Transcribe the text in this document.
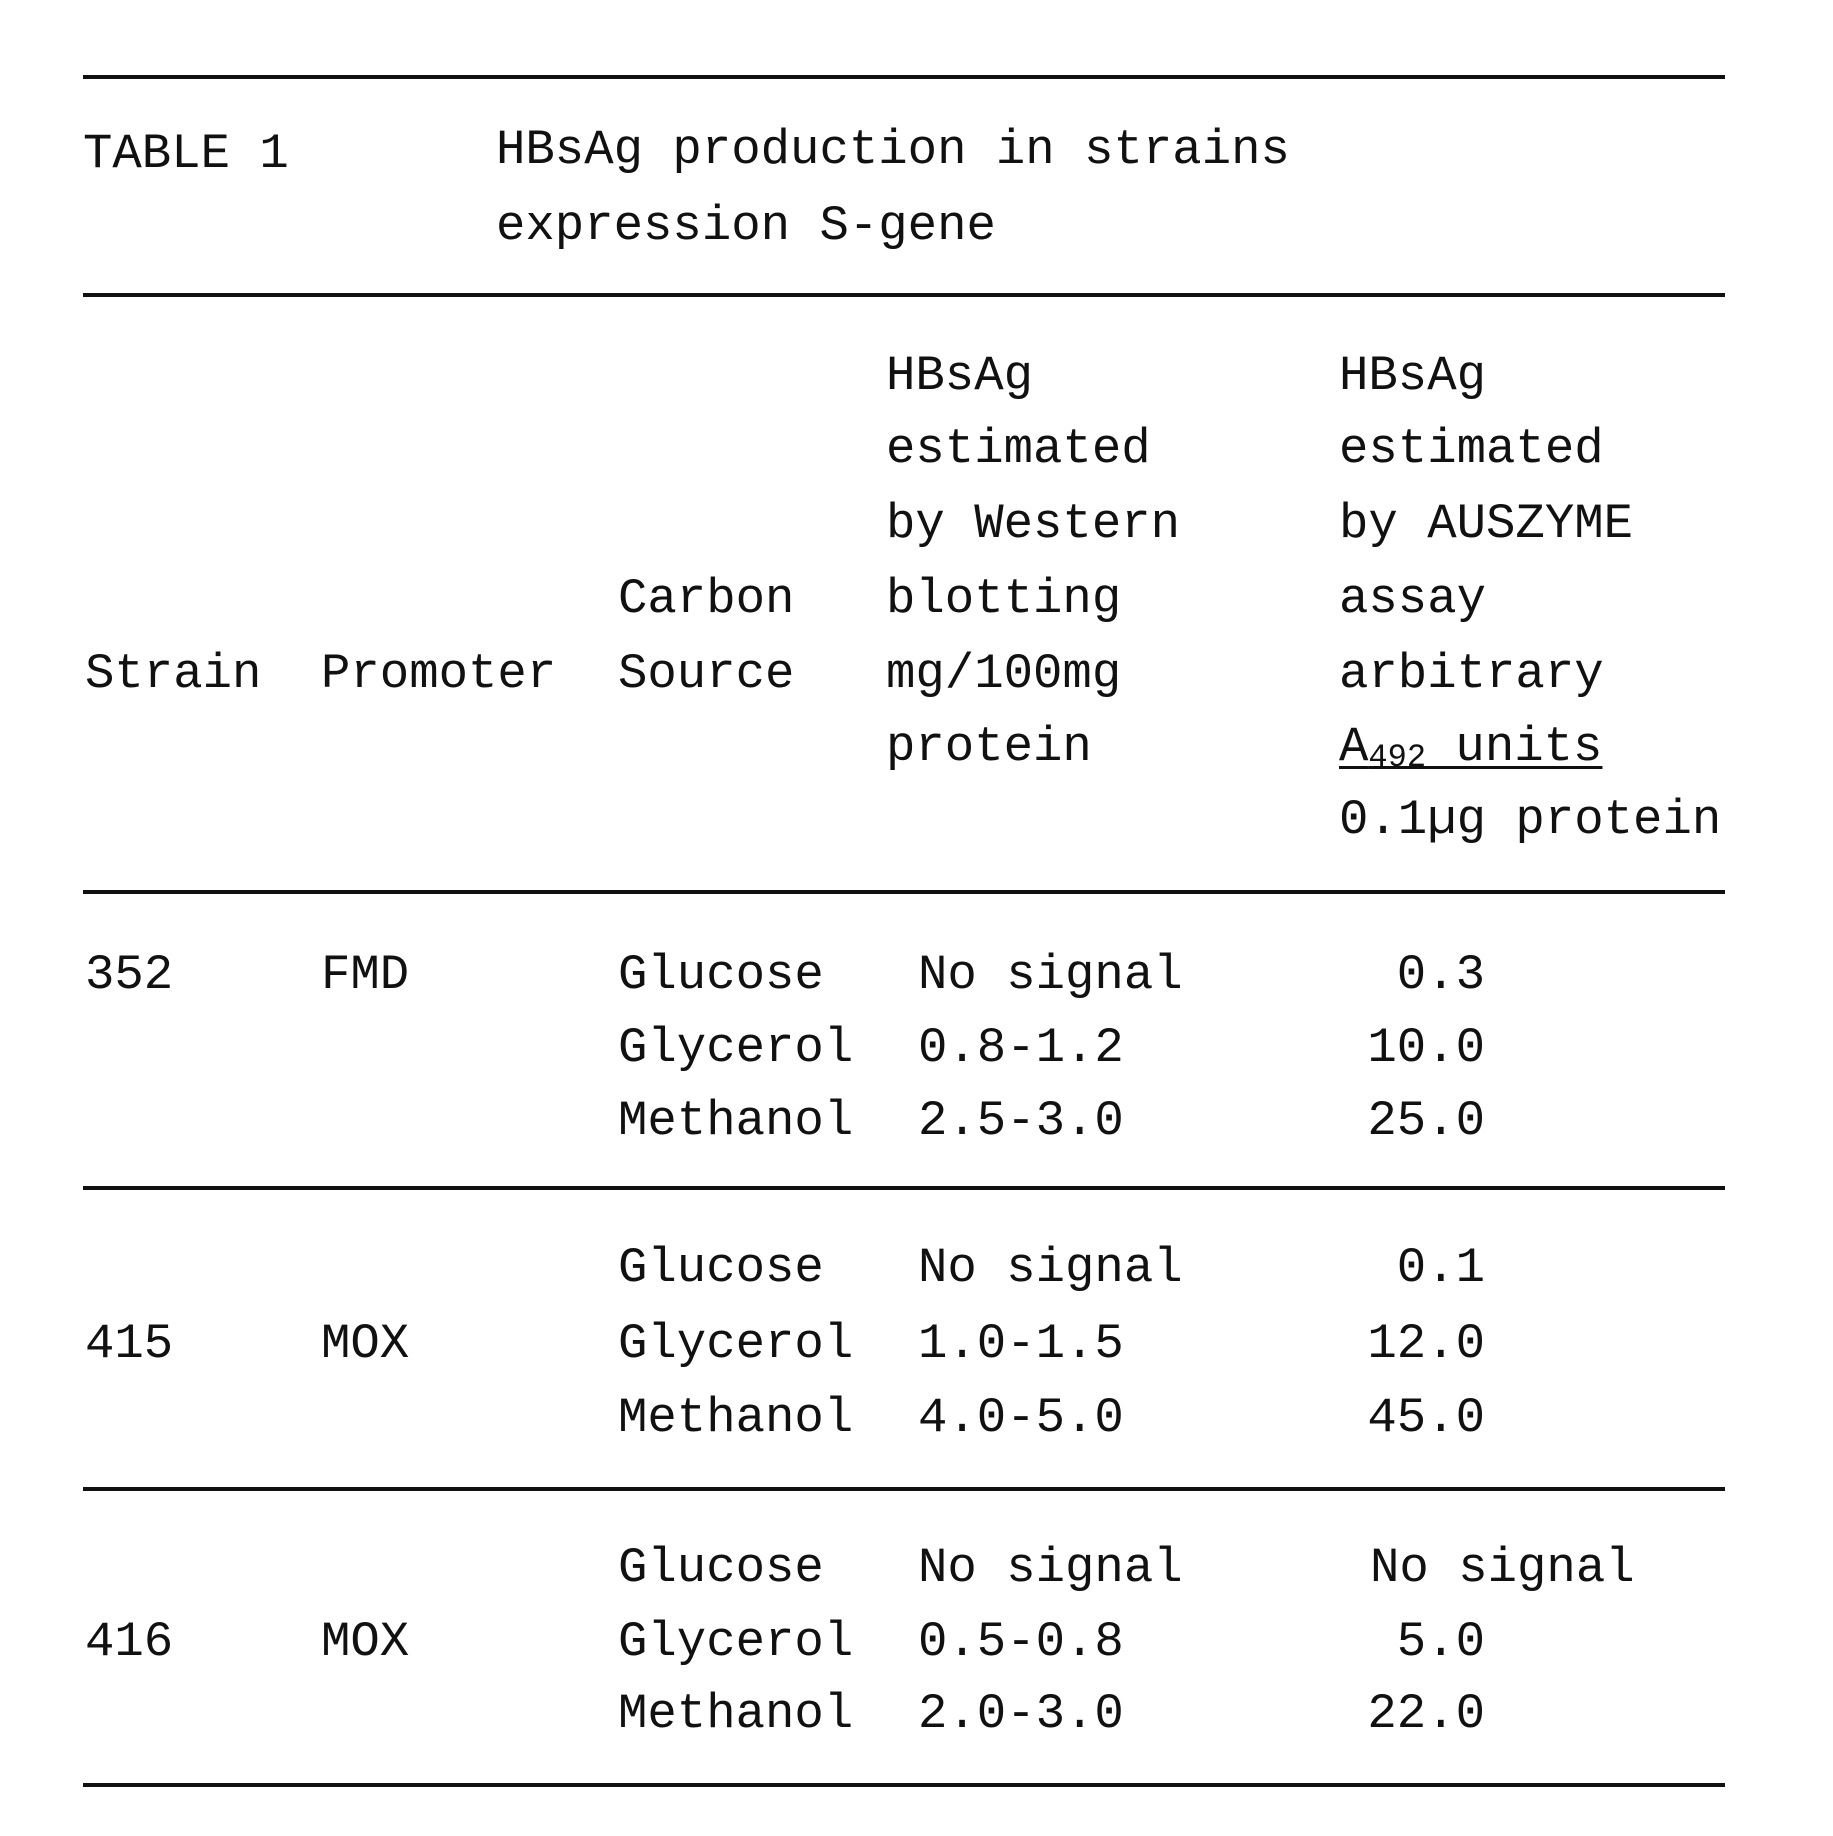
TABLE 1	HBsAg production in strains
expression S-gene
Strain Promoter
Carbon
Source
HBsAg
estimated
by Western
blotting
mg/100mg
protein
HBsAg
estimated
by AUSZYME
assay
arbitrary
A492 units
0.1µg protein
352	FMD	Glucose No signal	0.3
Glycerol 0.8-1.2	10.0
Methanol 2.5-3.0	25.0
415	MOX
Glucose No signal	0.1
Glycerol 1.0-1.5	12.0
Methanol 4.0-5.0	45.0
416	MOX
Glucose No signal	No signal
Glycerol 0.5-0.8	5.0
Methanol 2.0-3.0	22.0
